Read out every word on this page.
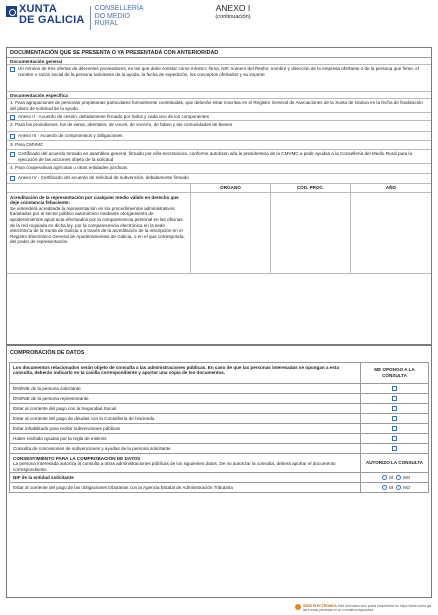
XUNTA
DE GALICIA
CONSELLERÍA
DO MEDIO
RURAL
ANEXO I
(continuación)
DOCUMENTACIÓN QUE SE PRESENTA O YA PRESENTADA CON ANTERIORIDAD
Documentación general
Un mínimo de tres ofertas de diferentes proveedores, en las que debe constar como mínimo: firma, NIF, número del Resfor, nombre y dirección de la empresa ofertante o de la persona que firme, el nombre o razón social de la persona solicitante de la ayuda, la fecha de expedición, los conceptos ofertados y su importe
Documentación específica
1. Para agrupaciones de personas propietarias particulares formalmente constituidas, que deberán estar inscritas en el Registro General de Asociaciones de la Xunta de Galicia en la fecha de finalización del plazo de solicitud de la ayuda
Anexo II - Acuerdo de cesión, debidamente firmado por todos y cada uno de los componentes
2. Para los proindivisos, los de varas, abertales, de voces, de vocerío, de fabeo y las comunidades de bienes
Anexo III - Acuerdo de compromisos y obligaciones
3. Para CMVMC
Certificado del acuerdo tomado en asamblea general, firmado por el/la secretario/a, conforme autorizan al/a la presidente/a de la CMVMC a pedir ayudas a la Consellería del Medio Rural para la ejecución de las acciones objeto de la solicitud
4. Para cooperativas agrícolas u otras entidades jurídicas
Anexo IV - Certificado del acuerdo de solicitud de subvención, debidamente firmado
ÓRGANO	CÓD. PROC.	AÑO
Acreditación de la representación por cualquier medio válido en derecho que deje constancia fehaciente:
Se entenderá acreditada la representación en los procedimientos administrativos tramitados por el sector público autonómico mediante otorgamiento de apoderamientos apud acta efectuados por la comparecencia personal en las oficinas de la red regulada en dicha ley, por la comparecencia electrónica en la sede electrónica de la Xunta de Galicia o a través de la acreditación de la inscripción en el Registro Electrónico General de Apoderamientos de Galicia, o en el que corresponda, del poder de representación.
COMPROBACIÓN DE DATOS
Los documentos relacionados serán objeto de consulta a las administraciones públicas. En caso de que las personas interesadas se opongan a esta consulta, deberán indicarlo en la casilla correspondiente y aportar una copia de los documentos.
ME OPONGO A LA CONSULTA
DNI/NIE de la persona solicitante
DNI/NIE de la persona representante
Estar al corriente del pago con la Seguridad Social
Estar al corriente del pago de deudas con la Consellería de Hacienda
Estar inhabilitado para recibir subvenciones públicas
Haber recibido ayudas por la regla de minimis
Consulta de concesiones de subvenciones y ayudas de la persona solicitante
CONSENTIMIENTO PARA LA COMPROBACIÓN DE DATOS
La persona interesada autoriza la consulta a otras administraciones públicas de los siguientes datos. De no autorizar la consulta, deberá aportar el documento correspondiente.
AUTORIZO LA CONSULTA
NIF de la entidad solicitante	SÍ NO
Estar al corriente del pago de las obligaciones tributarias con la Agencia Estatal de Administración Tributaria	SÍ NO
SEDE ELECTRÓNICA Este formulario solo podrá presentarse en https://sede.xunta.gal las formas previstas en su normativa reguladora
